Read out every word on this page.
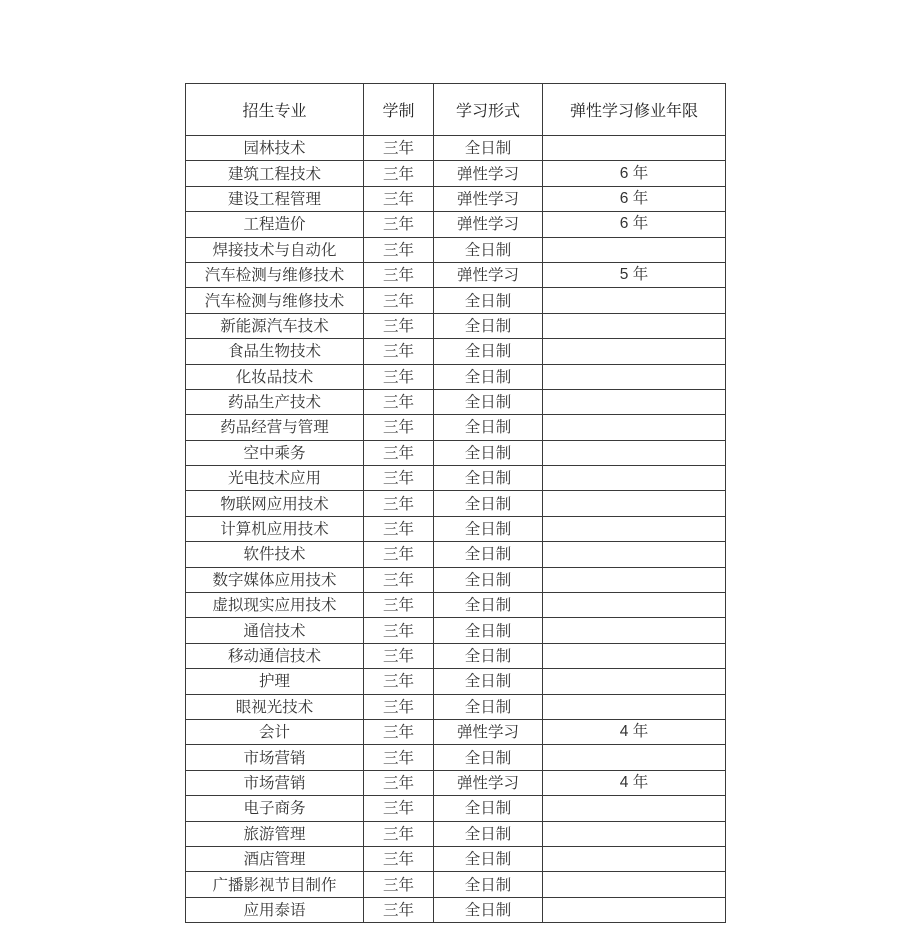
招生专业	学制	学习形式	弹性学习修业年限
园林技术	三年	全日制	
建筑工程技术	三年	弹性学习	6 年
建设工程管理	三年	弹性学习	6 年
工程造价	三年	弹性学习	6 年
焊接技术与自动化	三年	全日制	
汽车检测与维修技术	三年	弹性学习	5 年
汽车检测与维修技术	三年	全日制	
新能源汽车技术	三年	全日制	
食品生物技术	三年	全日制	
化妆品技术	三年	全日制	
药品生产技术	三年	全日制	
药品经营与管理	三年	全日制	
空中乘务	三年	全日制	
光电技术应用	三年	全日制	
物联网应用技术	三年	全日制	
计算机应用技术	三年	全日制	
软件技术	三年	全日制	
数字媒体应用技术	三年	全日制	
虚拟现实应用技术	三年	全日制	
通信技术	三年	全日制	
移动通信技术	三年	全日制	
护理	三年	全日制	
眼视光技术	三年	全日制	
会计	三年	弹性学习	4 年
市场营销	三年	全日制	
市场营销	三年	弹性学习	4 年
电子商务	三年	全日制	
旅游管理	三年	全日制	
酒店管理	三年	全日制	
广播影视节目制作	三年	全日制	
应用泰语	三年	全日制	
